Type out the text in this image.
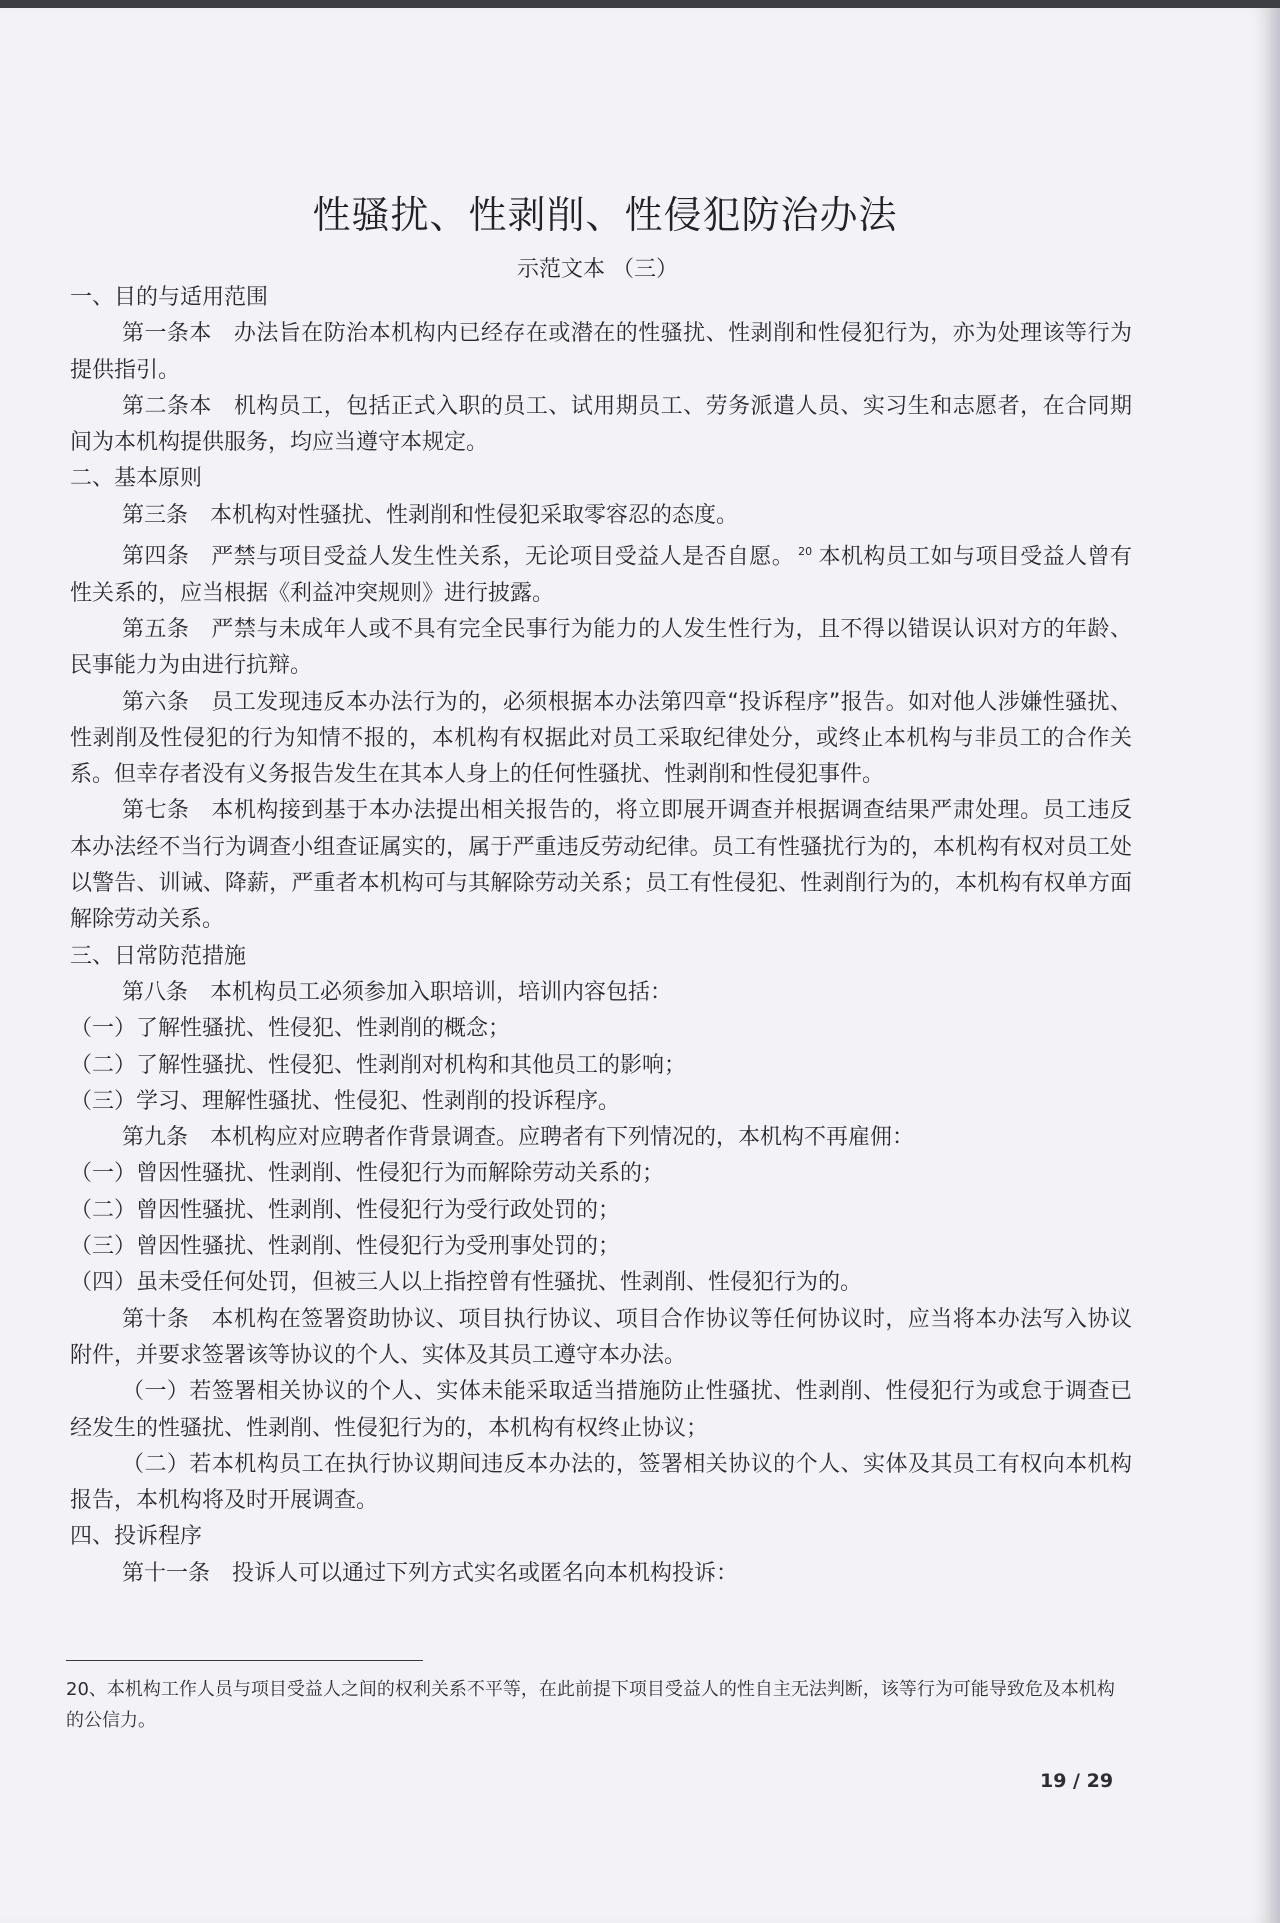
性骚扰、性剥削、性侵犯防治办法
示范文本 （三）

一、目的与适用范围

第一条本 办法旨在防治本机构内已经存在或潜在的性骚扰、性剥削和性侵犯行为，亦为处理该等行为提供指引。

第二条本 机构员工，包括正式入职的员工、试用期员工、劳务派遣人员、实习生和志愿者，在合同期间为本机构提供服务，均应当遵守本规定。

二、基本原则

第三条 本机构对性骚扰、性剥削和性侵犯采取零容忍的态度。

第四条 严禁与项目受益人发生性关系，无论项目受益人是否自愿。 $^{20}$ 本机构员工如与项目受益人曾有性关系的，应当根据《利益冲突规则》进行披露。

第五条 严禁与未成年人或不具有完全民事行为能力的人发生性行为，且不得以错误认识对方的年龄、民事能力为由进行抗辩。

第六条 员工发现违反本办法行为的，必须根据本办法第四章“投诉程序”报告。如对他人涉嫌性骚扰、性剥削及性侵犯的行为知情不报的，本机构有权据此对员工采取纪律处分，或终止本机构与非员工的合作关系。但幸存者没有义务报告发生在其本人身上的任何性骚扰、性剥削和性侵犯事件。

第七条 本机构接到基于本办法提出相关报告的，将立即展开调查并根据调查结果严肃处理。员工违反本办法经不当行为调查小组查证属实的，属于严重违反劳动纪律。员工有性骚扰行为的，本机构有权对员工处以警告、训诫、降薪，严重者本机构可与其解除劳动关系；员工有性侵犯、性剥削行为的，本机构有权单方面解除劳动关系。

三、日常防范措施

第八条 本机构员工必须参加入职培训，培训内容包括：

（一）了解性骚扰、性侵犯、性剥削的概念；

（二）了解性骚扰、性侵犯、性剥削对机构和其他员工的影响；

（三）学习、理解性骚扰、性侵犯、性剥削的投诉程序。

第九条 本机构应对应聘者作背景调查。应聘者有下列情况的，本机构不再雇佣：

（一）曾因性骚扰、性剥削、性侵犯行为而解除劳动关系的；

（二）曾因性骚扰、性剥削、性侵犯行为受行政处罚的；

（三）曾因性骚扰、性剥削、性侵犯行为受刑事处罚的；

（四）虽未受任何处罚，但被三人以上指控曾有性骚扰、性剥削、性侵犯行为的。

第十条 本机构在签署资助协议、项目执行协议、项目合作协议等任何协议时，应当将本办法写入协议附件，并要求签署该等协议的个人、实体及其员工遵守本办法。

（一）若签署相关协议的个人、实体未能采取适当措施防止性骚扰、性剥削、性侵犯行为或怠于调查已经发生的性骚扰、性剥削、性侵犯行为的，本机构有权终止协议；

（二）若本机构员工在执行协议期间违反本办法的，签署相关协议的个人、实体及其员工有权向本机构报告，本机构将及时开展调查。

四、投诉程序

第十一条 投诉人可以通过下列方式实名或匿名向本机构投诉：

20、本机构工作人员与项目受益人之间的权利关系不平等，在此前提下项目受益人的性自主无法判断，该等行为可能导致危及本机构的公信力。
19 / 29
